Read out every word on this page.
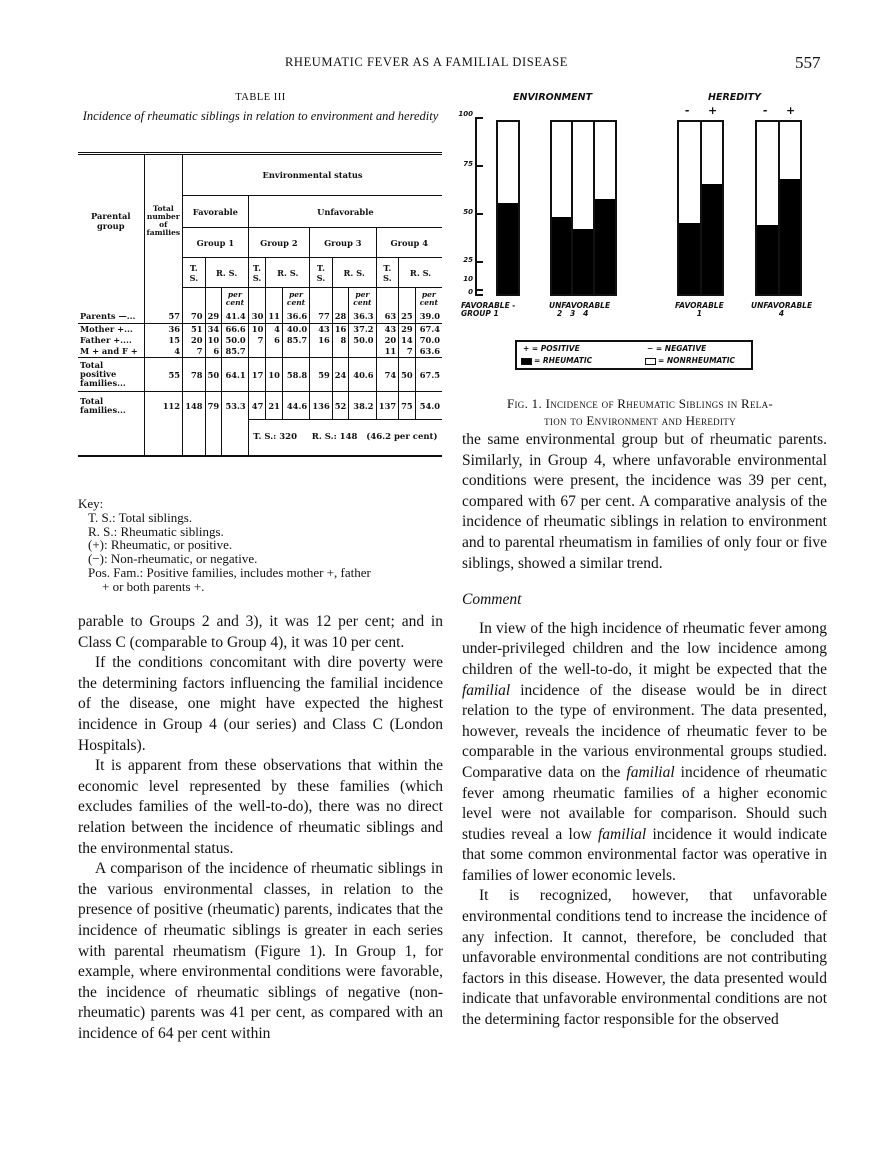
RHEUMATIC FEVER AS A FAMILIAL DISEASE	557
TABLE III
Incidence of rheumatic siblings in relation to environment and heredity
Parental group	Total number of families	Environmental status											
		Favorable			Unfavorable								
		Group 1			Group 2			Group 3			Group 4		
		T. S.	R. S.		T. S.	R. S.		T. S.	R. S.		T. S.	R. S.	
				per cent			per cent			per cent			per cent
Parents —...	57	70	29	41.4	30	11	36.6	77	28	36.3	63	25	39.0
Mother +...	36	51	34	66.6	10	4	40.0	43	16	37.2	43	29	67.4
Father +....	15	20	10	50.0	7	6	85.7	16	8	50.0	20	14	70.0
M + and F +	4	7	6	85.7							11	7	63.6
Total positive families...	55	78	50	64.1	17	10	58.8	59	24	40.6	74	50	67.5
Total families...	112	148	79	53.3	47	21	44.6	136	52	38.2	137	75	54.0
					T. S.: 320     R. S.: 148   (46.2 per cent)								
Key:
T. S.: Total siblings.
R. S.: Rheumatic siblings.
(+): Rheumatic, or positive.
(−): Non-rheumatic, or negative.
Pos. Fam.: Positive families, includes mother +, father
+ or both parents +.

parable to Groups 2 and 3), it was 12 per cent; and in Class C (comparable to Group 4), it was 10 per cent.

If the conditions concomitant with dire poverty were the determining factors influencing the familial incidence of the disease, one might have expected the highest incidence in Group 4 (our series) and Class C (London Hospitals).

It is apparent from these observations that within the economic level represented by these families (which excludes families of the well-to-do), there was no direct relation between the incidence of rheumatic siblings and the environmental status.

A comparison of the incidence of rheumatic siblings in the various environmental classes, in relation to the presence of positive (rheumatic) parents, indicates that the incidence of rheumatic siblings is greater in each series with parental rheumatism (Figure 1). In Group 1, for example, where environmental conditions were favorable, the incidence of rheumatic siblings of negative (non-rheumatic) parents was 41 per cent, as compared with an incidence of 64 per cent within

ENVIRONMENT	HEREDITY
100
75
50
25
10
0
- +	- +
FAVORABLE -
GROUP 1
UNFAVORABLE
2   3   4
FAVORABLE
1
UNFAVORABLE
4
+ = POSITIVE	− = NEGATIVE
= RHEUMATIC	= NONRHEUMATIC
Fig. 1. Incidence of Rheumatic Siblings in Rela-
tion to Environment and Heredity

the same environmental group but of rheumatic parents. Similarly, in Group 4, where unfavorable environmental conditions were present, the incidence was 39 per cent, compared with 67 per cent. A comparative analysis of the incidence of rheumatic siblings in relation to environment and to parental rheumatism in families of only four or five siblings, showed a similar trend.

Comment

In view of the high incidence of rheumatic fever among under-privileged children and the low incidence among children of the well-to-do, it might be expected that the familial incidence of the disease would be in direct relation to the type of environment. The data presented, however, reveals the incidence of rheumatic fever to be comparable in the various environmental groups studied. Comparative data on the familial incidence of rheumatic fever among rheumatic families of a higher economic level were not available for comparison. Should such studies reveal a low familial incidence it would indicate that some common environmental factor was operative in families of lower economic levels.

It is recognized, however, that unfavorable environmental conditions tend to increase the incidence of any infection. It cannot, therefore, be concluded that unfavorable environmental conditions are not contributing factors in this disease. However, the data presented would indicate that unfavorable environmental conditions are not the determining factor responsible for the observed
